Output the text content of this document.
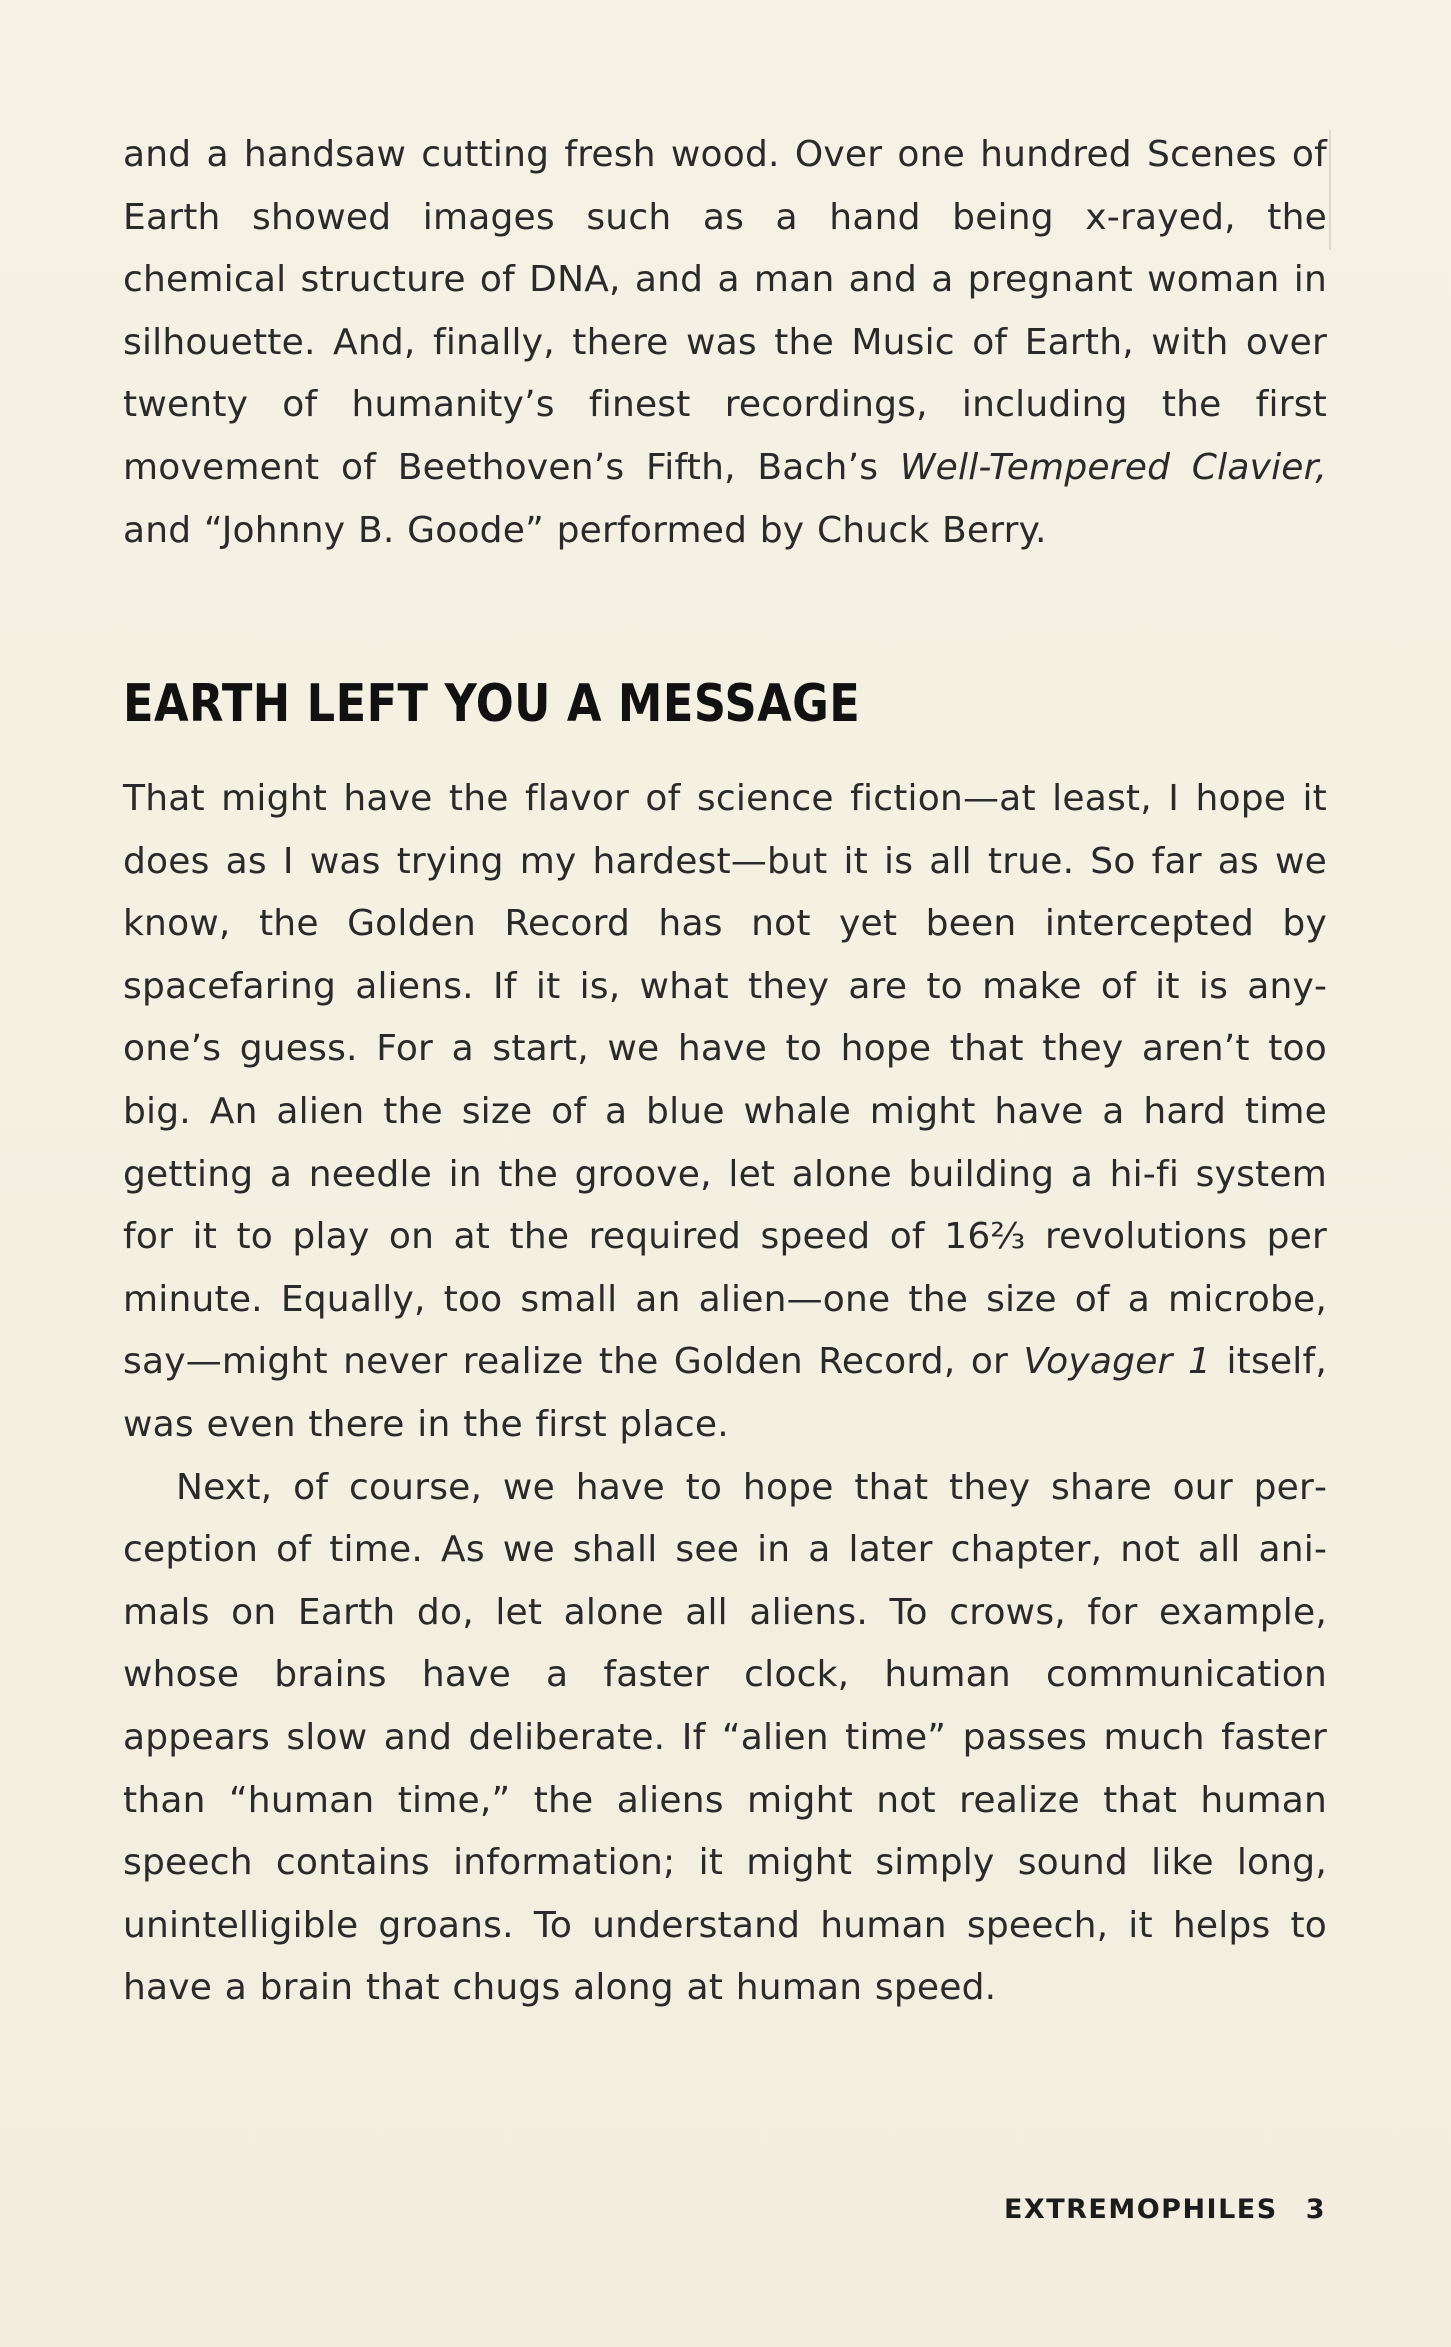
and a handsaw cutting fresh wood. Over one hundred Scenes of Earth showed images such as a hand being x-rayed, the chemical structure of DNA, and a man and a pregnant woman in silhouette. And, finally, there was the Music of Earth, with over twenty of humanity’s finest recordings, including the first movement of Beethoven’s Fifth, Bach’s Well-Tempered Clavier, and “Johnny B. Goode” performed by Chuck Berry.

EARTH LEFT YOU A MESSAGE

That might have the flavor of science fiction—at least, I hope it does as I was trying my hardest—but it is all true. So far as we know, the Golden Record has not yet been intercepted by spacefaring aliens. If it is, what they are to make of it is anyone’s guess. For a start, we have to hope that they aren’t too big. An alien the size of a blue whale might have a hard time getting a needle in the groove, let alone building a hi-fi system for it to play on at the required speed of 16⅔ revolutions per minute. Equally, too small an alien—one the size of a microbe, say—might never realize the Golden Record, or Voyager 1 itself, was even there in the first place.

Next, of course, we have to hope that they share our perception of time. As we shall see in a later chapter, not all animals on Earth do, let alone all aliens. To crows, for example, whose brains have a faster clock, human communication appears slow and deliberate. If “alien time” passes much faster than “human time,” the aliens might not realize that human speech contains information; it might simply sound like long, unintelligible groans. To understand human speech, it helps to have a brain that chugs along at human speed.

EXTREMOPHILES 3
